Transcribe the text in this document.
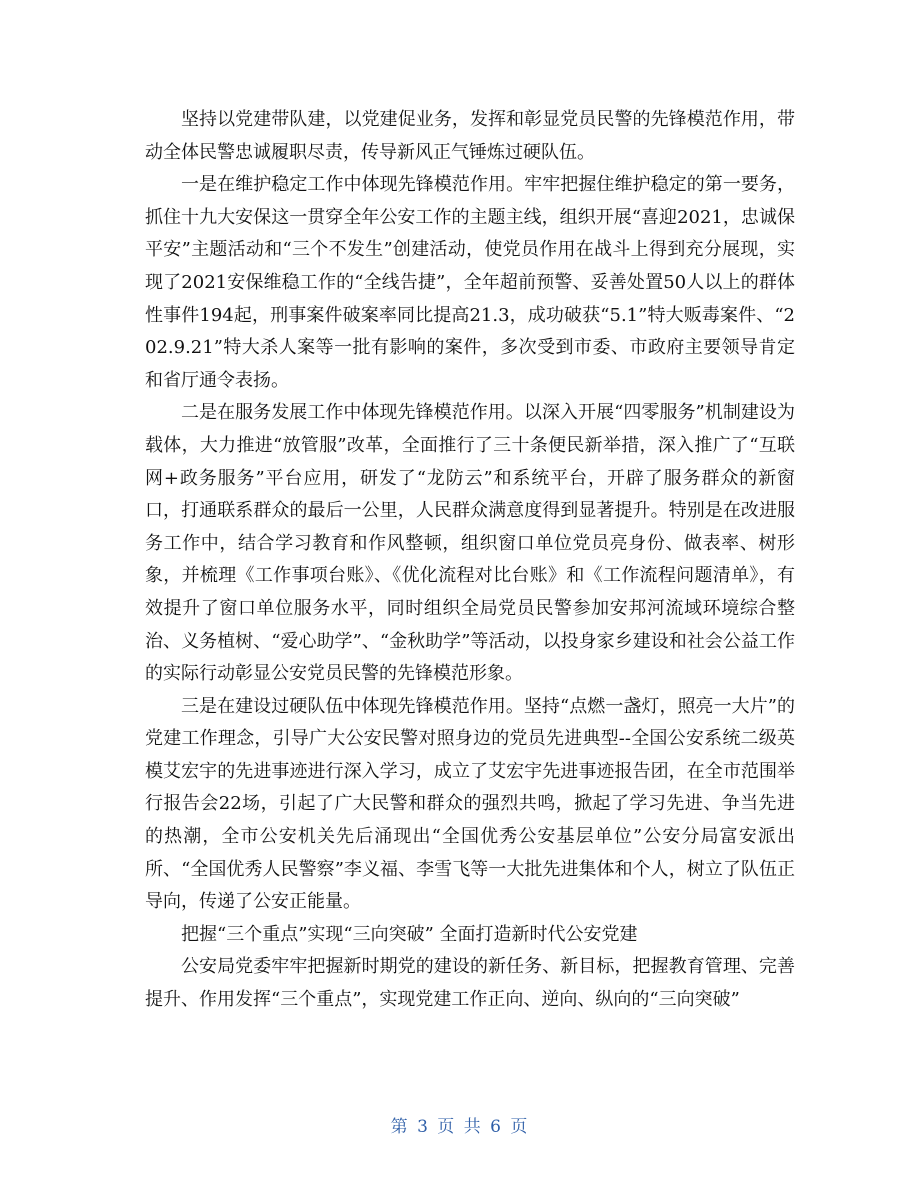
坚持以党建带队建，以党建促业务，发挥和彰显党员民警的先锋模范作用，带动全体民警忠诚履职尽责，传导新风正气锤炼过硬队伍。

一是在维护稳定工作中体现先锋模范作用。牢牢把握住维护稳定的第一要务，抓住十九大安保这一贯穿全年公安工作的主题主线，组织开展“喜迎2021，忠诚保平安”主题活动和“三个不发生”创建活动，使党员作用在战斗上得到充分展现，实现了2021安保维稳工作的“全线告捷”，全年超前预警、妥善处置50人以上的群体性事件194起，刑事案件破案率同比提高21.3，成功破获“5.1”特大贩毒案件、“202.9.21”特大杀人案等一批有影响的案件，多次受到市委、市政府主要领导肯定和省厅通令表扬。

二是在服务发展工作中体现先锋模范作用。以深入开展“四零服务”机制建设为载体，大力推进“放管服”改革，全面推行了三十条便民新举措，深入推广了“互联网+政务服务”平台应用，研发了“龙防云”和系统平台，开辟了服务群众的新窗口，打通联系群众的最后一公里，人民群众满意度得到显著提升。特别是在改进服务工作中，结合学习教育和作风整顿，组织窗口单位党员亮身份、做表率、树形象，并梳理《工作事项台账》、《优化流程对比台账》和《工作流程问题清单》，有效提升了窗口单位服务水平，同时组织全局党员民警参加安邦河流域环境综合整治、义务植树、“爱心助学”、“金秋助学”等活动，以投身家乡建设和社会公益工作的实际行动彰显公安党员民警的先锋模范形象。

三是在建设过硬队伍中体现先锋模范作用。坚持“点燃一盏灯，照亮一大片”的党建工作理念，引导广大公安民警对照身边的党员先进典型--全国公安系统二级英模艾宏宇的先进事迹进行深入学习，成立了艾宏宇先进事迹报告团，在全市范围举行报告会22场，引起了广大民警和群众的强烈共鸣，掀起了学习先进、争当先进的热潮，全市公安机关先后涌现出“全国优秀公安基层单位”公安分局富安派出所、“全国优秀人民警察”李义福、李雪飞等一大批先进集体和个人，树立了队伍正导向，传递了公安正能量。

把握“三个重点”实现“三向突破” 全面打造新时代公安党建

公安局党委牢牢把握新时期党的建设的新任务、新目标，把握教育管理、完善提升、作用发挥“三个重点”，实现党建工作正向、逆向、纵向的“三向突破”

第 3 页 共 6 页
